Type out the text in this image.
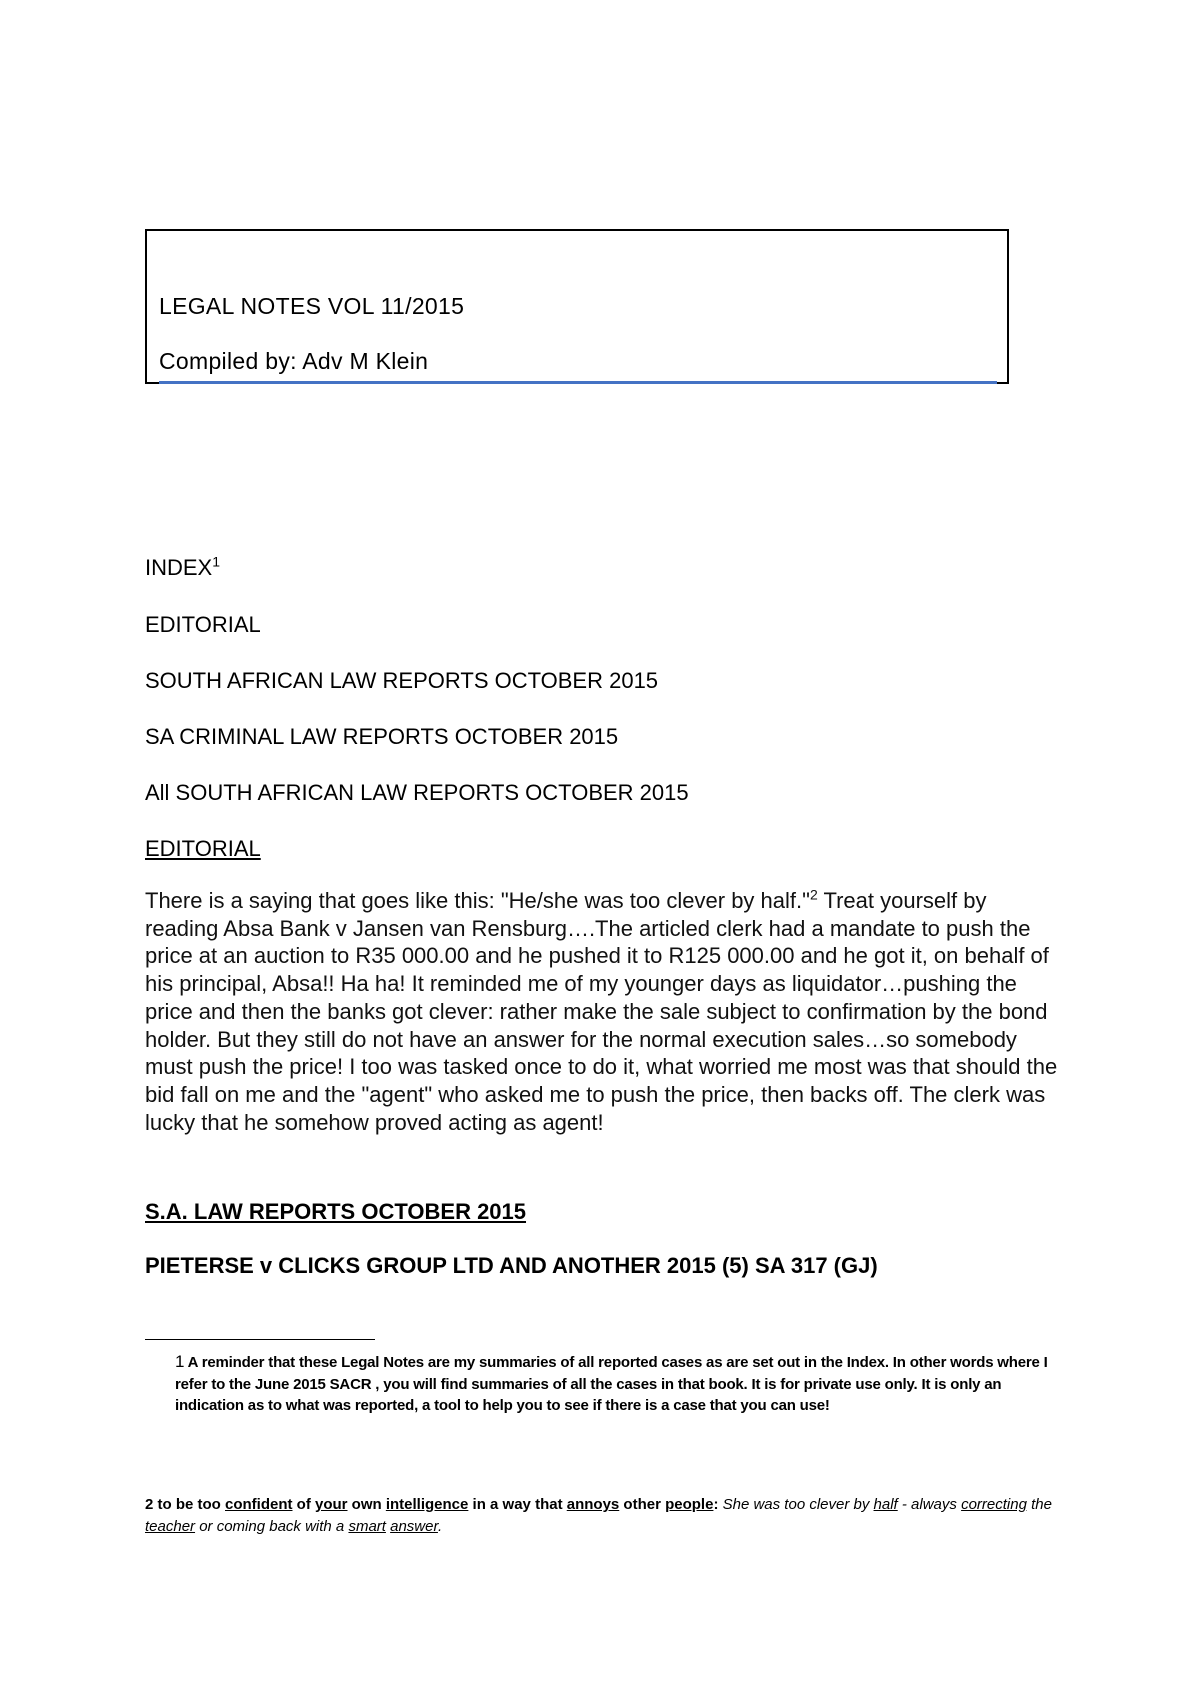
LEGAL NOTES VOL 11/2015
Compiled by: Adv M Klein
INDEX$^1$
EDITORIAL
SOUTH AFRICAN LAW REPORTS OCTOBER 2015
SA CRIMINAL LAW REPORTS OCTOBER 2015
All SOUTH AFRICAN LAW REPORTS OCTOBER 2015
EDITORIAL
There is a saying that goes like this: "He/she was too clever by half."$^2$ Treat yourself by reading Absa Bank v Jansen van Rensburg….The articled clerk had a mandate to push the price at an auction to R35 000.00 and he pushed it to R125 000.00 and he got it, on behalf of his principal, Absa!! Ha ha! It reminded me of my younger days as liquidator…pushing the price and then the banks got clever: rather make the sale subject to confirmation by the bond holder. But they still do not have an answer for the normal execution sales…so somebody must push the price! I too was tasked once to do it, what worried me most was that should the bid fall on me and the "agent" who asked me to push the price, then backs off. The clerk was lucky that he somehow proved acting as agent!
S.A. LAW REPORTS OCTOBER 2015
PIETERSE v CLICKS GROUP LTD AND ANOTHER 2015 (5) SA 317 (GJ)
1 A reminder that these Legal Notes are my summaries of all reported cases as are set out in the Index. In other words where I refer to the June 2015 SACR , you will find summaries of all the cases in that book. It is for private use only. It is only an indication as to what was reported, a tool to help you to see if there is a case that you can use!
2 to be too confident of your own intelligence in a way that annoys other people: She was too clever by half - always correcting the teacher or coming back with a smart answer.
